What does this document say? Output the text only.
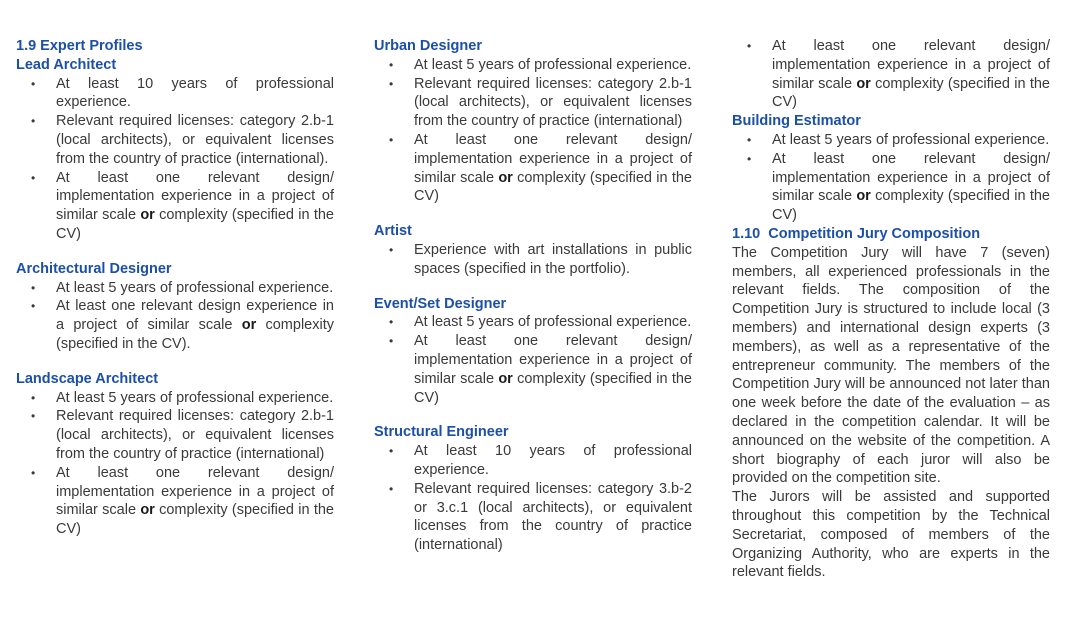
1.9 Expert Profiles
Lead Architect
• At least 10 years of professional experience.
• Relevant required licenses: category 2.b-1 (local architects), or equivalent licenses from the country of practice (international).
• At least one relevant design/ implementation experience in a project of similar scale or complexity (specified in the CV)
Architectural Designer
• At least 5 years of professional experience.
• At least one relevant design experience in a project of similar scale or complexity (specified in the CV).
Landscape Architect
• At least 5 years of professional experience.
• Relevant required licenses: category 2.b-1 (local architects), or equivalent licenses from the country of practice (international)
• At least one relevant design/ implementation experience in a project of similar scale or complexity (specified in the CV)
Urban Designer
• At least 5 years of professional experience.
• Relevant required licenses: category 2.b-1 (local architects), or equivalent licenses from the country of practice (international)
• At least one relevant design/ implementation experience in a project of similar scale or complexity (specified in the CV)
Artist
• Experience with art installations in public spaces (specified in the portfolio).
Event/Set Designer
• At least 5 years of professional experience.
• At least one relevant design/ implementation experience in a project of similar scale or complexity (specified in the CV)
Structural Engineer
• At least 10 years of professional experience.
• Relevant required licenses: category 3.b-2 or 3.c.1 (local architects), or equivalent licenses from the country of practice (international)
• At least one relevant design/ implementation experience in a project of similar scale or complexity (specified in the CV)
Building Estimator
• At least 5 years of professional experience.
• At least one relevant design/ implementation experience in a project of similar scale or complexity (specified in the CV)
1.10  Competition Jury Composition

The Competition Jury will have 7 (seven) members, all experienced professionals in the relevant fields. The composition of the Competition Jury is structured to include local (3 members) and international design experts (3 members), as well as a representative of the entrepreneur community. The members of the Competition Jury will be announced not later than one week before the date of the evaluation – as declared in the competition calendar. It will be announced on the website of the competition. A short biography of each juror will also be provided on the competition site.

The Jurors will be assisted and supported throughout this competition by the Technical Secretariat, composed of members of the Organizing Authority, who are experts in the relevant fields.
